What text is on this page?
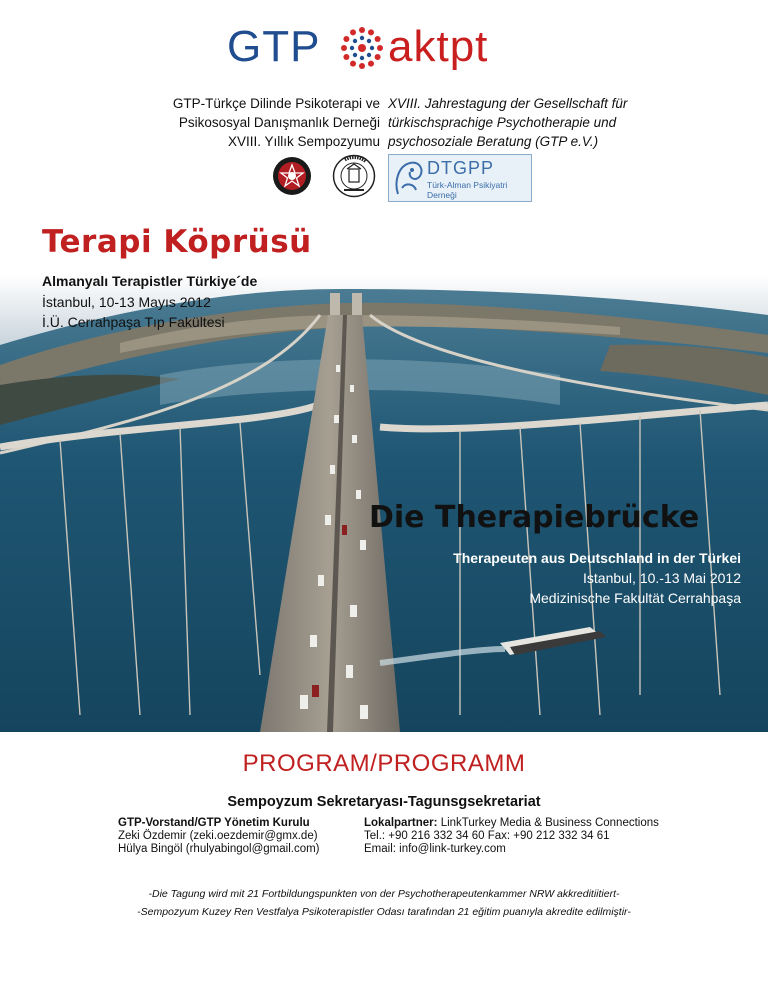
GTP aktpt
GTP-Türkçe Dilinde Psikoterapi ve
Psikososyal Danışmanlık Derneği
XVIII. Yıllık Sempozyumu
XVIII. Jahrestagung der Gesellschaft für
türkischsprachige Psychotherapie und
psychosoziale Beratung (GTP e.V.)
DTGPP
Türk-Alman Psikiyatri
Derneği
Terapi Köprüsü
Almanyalı Terapistler Türkiye´de
İstanbul, 10-13 Mayıs 2012
İ.Ü. Cerrahpaşa Tıp Fakültesi
Die Therapiebrücke
Therapeuten aus Deutschland in der Türkei
Istanbul, 10.-13 Mai 2012
Medizinische Fakultät Cerrahpaşa
PROGRAM/PROGRAMM
Sempoyzum Sekretaryası-Tagunsgsekretariat
GTP-Vorstand/GTP Yönetim Kurulu
Zeki Özdemir (zeki.oezdemir@gmx.de)
Hülya Bingöl (rhulyabingol@gmail.com)
Lokalpartner: LinkTurkey Media & Business Connections
Tel.: +90 216 332 34 60 Fax: +90 212 332 34 61
Email: info@link-turkey.com
-Die Tagung wird mit 21 Fortbildungspunkten von der Psychotherapeutenkammer NRW akkreditiitiert-
-Sempozyum Kuzey Ren Vestfalya Psikoterapistler Odası tarafından 21 eğitim puanıyla akredite edilmiştir-
